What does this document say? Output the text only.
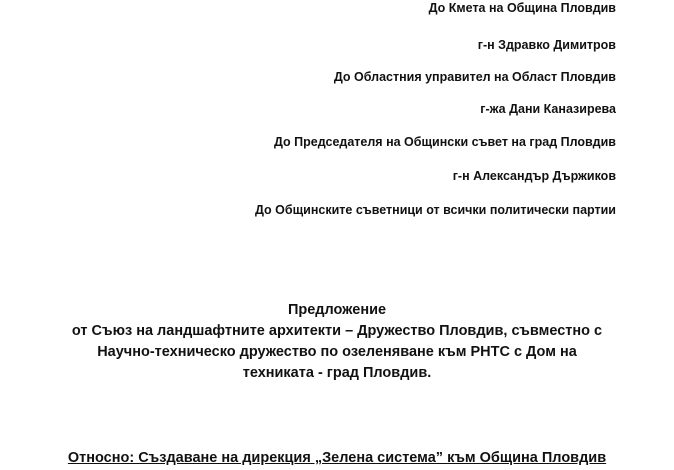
До Кмета на Община Пловдив
г-н Здравко Димитров
До Областния управител на Област Пловдив
г-жа Дани Каназирева
До Председателя на Общински съвет на град Пловдив
г-н Александър Държиков
До Общинските съветници от всички политически партии
Предложение
от Съюз на ландшафтните архитекти – Дружество Пловдив, съвместно с
Научно-техническо дружество по озеленяване към РНТС с Дом на
техниката - град Пловдив.
Относно: Създаване на дирекция „Зелена система” към Община Пловдив
